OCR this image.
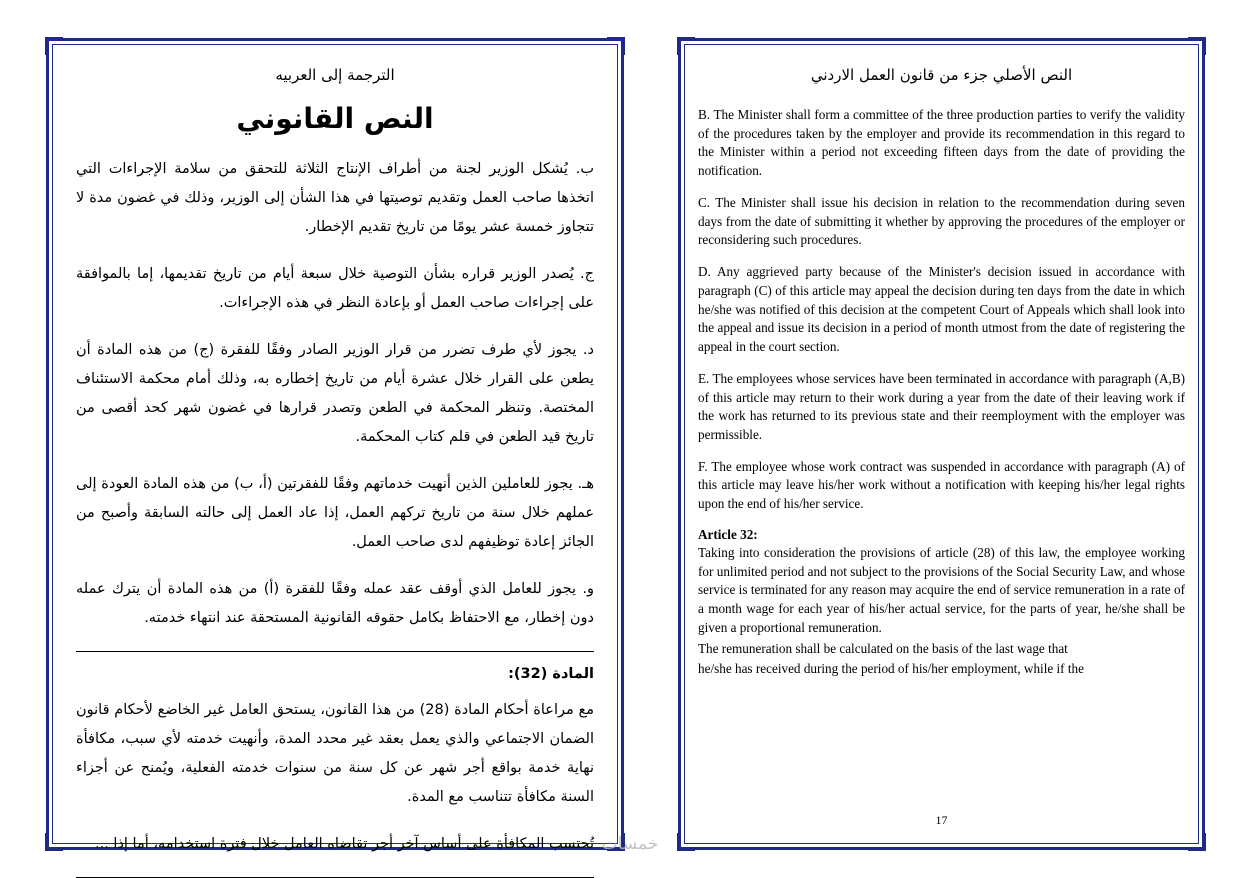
الترجمة إلى العربيه
النص القانوني

ب. يُشكل الوزير لجنة من أطراف الإنتاج الثلاثة للتحقق من سلامة الإجراءات التي اتخذها صاحب العمل وتقديم توصيتها في هذا الشأن إلى الوزير، وذلك في غضون مدة لا تتجاوز خمسة عشر يومًا من تاريخ تقديم الإخطار.

ج. يُصدر الوزير قراره بشأن التوصية خلال سبعة أيام من تاريخ تقديمها، إما بالموافقة على إجراءات صاحب العمل أو بإعادة النظر في هذه الإجراءات.

د. يجوز لأي طرف تضرر من قرار الوزير الصادر وفقًا للفقرة (ج) من هذه المادة أن يطعن على القرار خلال عشرة أيام من تاريخ إخطاره به، وذلك أمام محكمة الاستئناف المختصة. وتنظر المحكمة في الطعن وتصدر قرارها في غضون شهر كحد أقصى من تاريخ قيد الطعن في قلم كتاب المحكمة.

هـ. يجوز للعاملين الذين أنهيت خدماتهم وفقًا للفقرتين (أ، ب) من هذه المادة العودة إلى عملهم خلال سنة من تاريخ تركهم العمل، إذا عاد العمل إلى حالته السابقة وأصبح من الجائز إعادة توظيفهم لدى صاحب العمل.

و. يجوز للعامل الذي أوقف عقد عمله وفقًا للفقرة (أ) من هذه المادة أن يترك عمله دون إخطار، مع الاحتفاظ بكامل حقوقه القانونية المستحقة عند انتهاء خدمته.

المادة (32):

مع مراعاة أحكام المادة (28) من هذا القانون، يستحق العامل غير الخاضع لأحكام قانون الضمان الاجتماعي والذي يعمل بعقد غير محدد المدة، وأنهيت خدمته لأي سبب، مكافأة نهاية خدمة بواقع أجر شهر عن كل سنة من سنوات خدمته الفعلية، ويُمنح عن أجزاء السنة مكافأة تتناسب مع المدة.

تُحتسب المكافأة على أساس آخر أجر تقاضاه العامل خلال فترة استخدامه، أما إذا ...

النص الأصلي جزء من قانون العمل الاردني

B. The Minister shall form a committee of the three production parties to verify the validity of the procedures taken by the employer and provide its recommendation in this regard to the Minister within a period not exceeding fifteen days from the date of providing the notification.

C. The Minister shall issue his decision in relation to the recommendation during seven days from the date of submitting it whether by approving the procedures of the employer or reconsidering such procedures.

D. Any aggrieved party because of the Minister's decision issued in accordance with paragraph (C) of this article may appeal the decision during ten days from the date in which he/she was notified of this decision at the competent Court of Appeals which shall look into the appeal and issue its decision in a period of month utmost from the date of registering the appeal in the court section.

E. The employees whose services have been terminated in accordance with paragraph (A,B) of this article may return to their work during a year from the date of their leaving work if the work has returned to its previous state and their reemployment with the employer was permissible.

F. The employee whose work contract was suspended in accordance with paragraph (A) of this article may leave his/her work without a notification with keeping his/her legal rights upon the end of his/her service.

Article 32:

Taking into consideration the provisions of article (28) of this law, the employee working for unlimited period and not subject to the provisions of the Social Security Law, and whose service is terminated for any reason may acquire the end of service remuneration in a rate of a month wage for each year of his/her actual service, for the parts of year, he/she shall be given a proportional remuneration.

The remuneration shall be calculated on the basis of the last wage that

he/she has received during the period of his/her employment, while if the

17
خمسات
